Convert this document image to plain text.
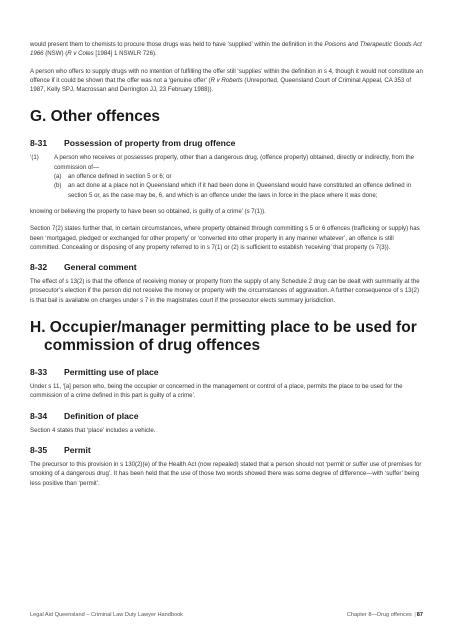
would present them to chemists to procure those drugs was held to have ‘supplied’ within the definition in the Poisons and Therapeutic Goods Act 1966 (NSW) (R v Coles [1984] 1 NSWLR 726).

A person who offers to supply drugs with no intention of fulfilling the offer still ‘supplies’ within the definition in s 4, though it would not constitute an offence if it could be shown that the offer was not a ‘genuine offer’ (R v Roberts (Unreported, Queensland Court of Criminal Appeal, CA 353 of 1987, Kelly SPJ, Macrossan and Derrington JJ, 23 February 1988)).

G. Other offences
8-31	Possession of property from drug offence
‘(1)	A person who receives or possesses property, other than a dangerous drug, (offence property) obtained, directly or indirectly, from the commission of—
(a)	an offence defined in section 5 or 6; or
(b)	an act done at a place not in Queensland which if it had been done in Queensland would have constituted an offence defined in section 5 or, as the case may be, 6, and which is an offence under the laws in force in the place where it was done;

knowing or believing the property to have been so obtained, is guilty of a crime’ (s 7(1)).

Section 7(2) states further that, in certain circumstances, where property obtained through committing s 5 or 6 offences (trafficking or supply) has been ‘mortgaged, pledged or exchanged for other property’ or ‘converted into other property in any manner whatever’, an offence is still committed. Concealing or disposing of any property referred to in s 7(1) or (2) is sufficient to establish ‘receiving’ that property (s 7(3)).

8-32	General comment

The effect of s 13(2) is that the offence of receiving money or property from the supply of any Schedule 2 drug can be dealt with summarily at the prosecutor’s election if the person did not receive the money or property with the circumstances of aggravation. A further consequence of s 13(2) is that bail is available on charges under s 7 in the magistrates court if the prosecutor elects summary jurisdiction.

H. Occupier/manager permitting place to be used for
commission of drug offences
8-33	Permitting use of place

Under s 11, ‘[a] person who, being the occupier or concerned in the management or control of a place, permits the place to be used for the commission of a crime defined in this part is guilty of a crime’.

8-34	Definition of place

Section 4 states that ‘place’ includes a vehicle.

8-35	Permit

The precursor to this provision in s 130(2)(e) of the Health Act (now repealed) stated that a person should not ‘permit or suffer use of premises for smoking of a dangerous drug’. It has been held that the use of those two words showed there was some degree of difference—with ‘suffer’ being less positive than ‘permit’.

Legal Aid Queensland – Criminal Law Duty Lawyer Handbook	Chapter 8—Drug offences |87
